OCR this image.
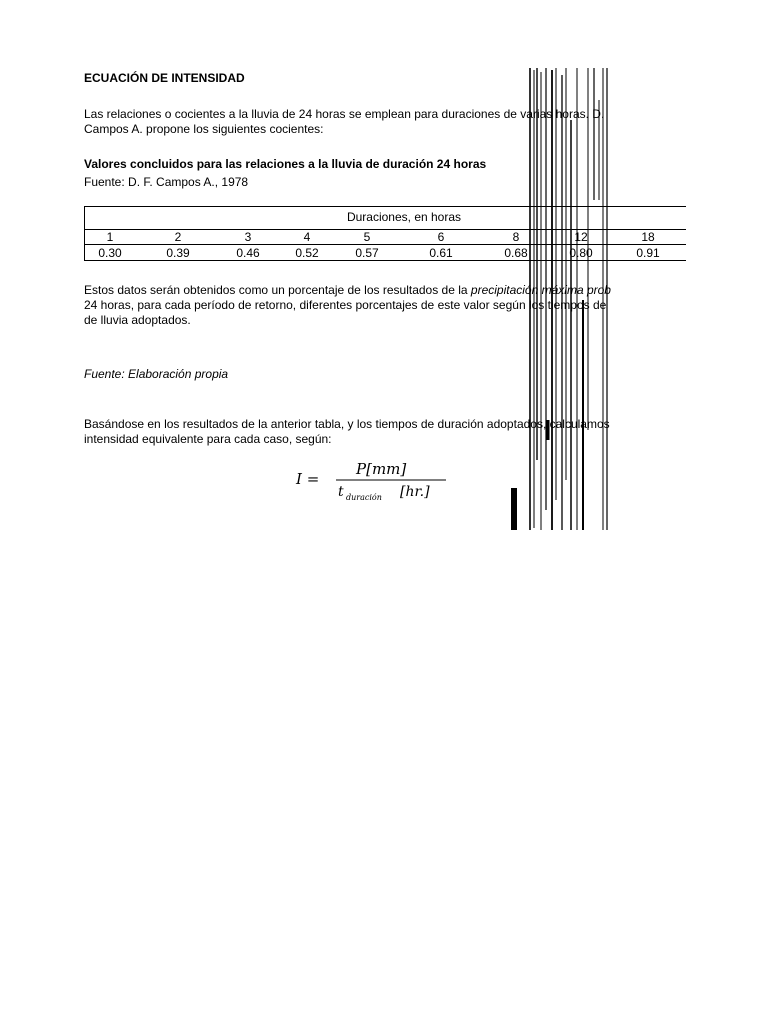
ECUACIÓN DE INTENSIDAD
Las relaciones o cocientes a la lluvia de 24 horas se emplean para duraciones de varias horas. D.
Campos A. propone los siguientes cocientes:
Valores concluidos para las relaciones a la lluvia de duración 24 horas
Fuente: D. F. Campos A., 1978
Duraciones, en horas
1	2	3	4	5	6	8	12	18
0.30	0.39	0.46	0.52	0.57	0.61	0.68	0.80	0.91
Estos datos serán obtenidos como un porcentaje de los resultados de la precipitación máxima prob
24 horas, para cada período de retorno, diferentes porcentajes de este valor según los tiempos de
de lluvia adoptados.
Fuente: Elaboración propia
Basándose en los resultados de la anterior tabla, y los tiempos de duración adoptados, calculamos
intensidad equivalente para cada caso, según:
I =
P[mm]
t duración [hr.]
